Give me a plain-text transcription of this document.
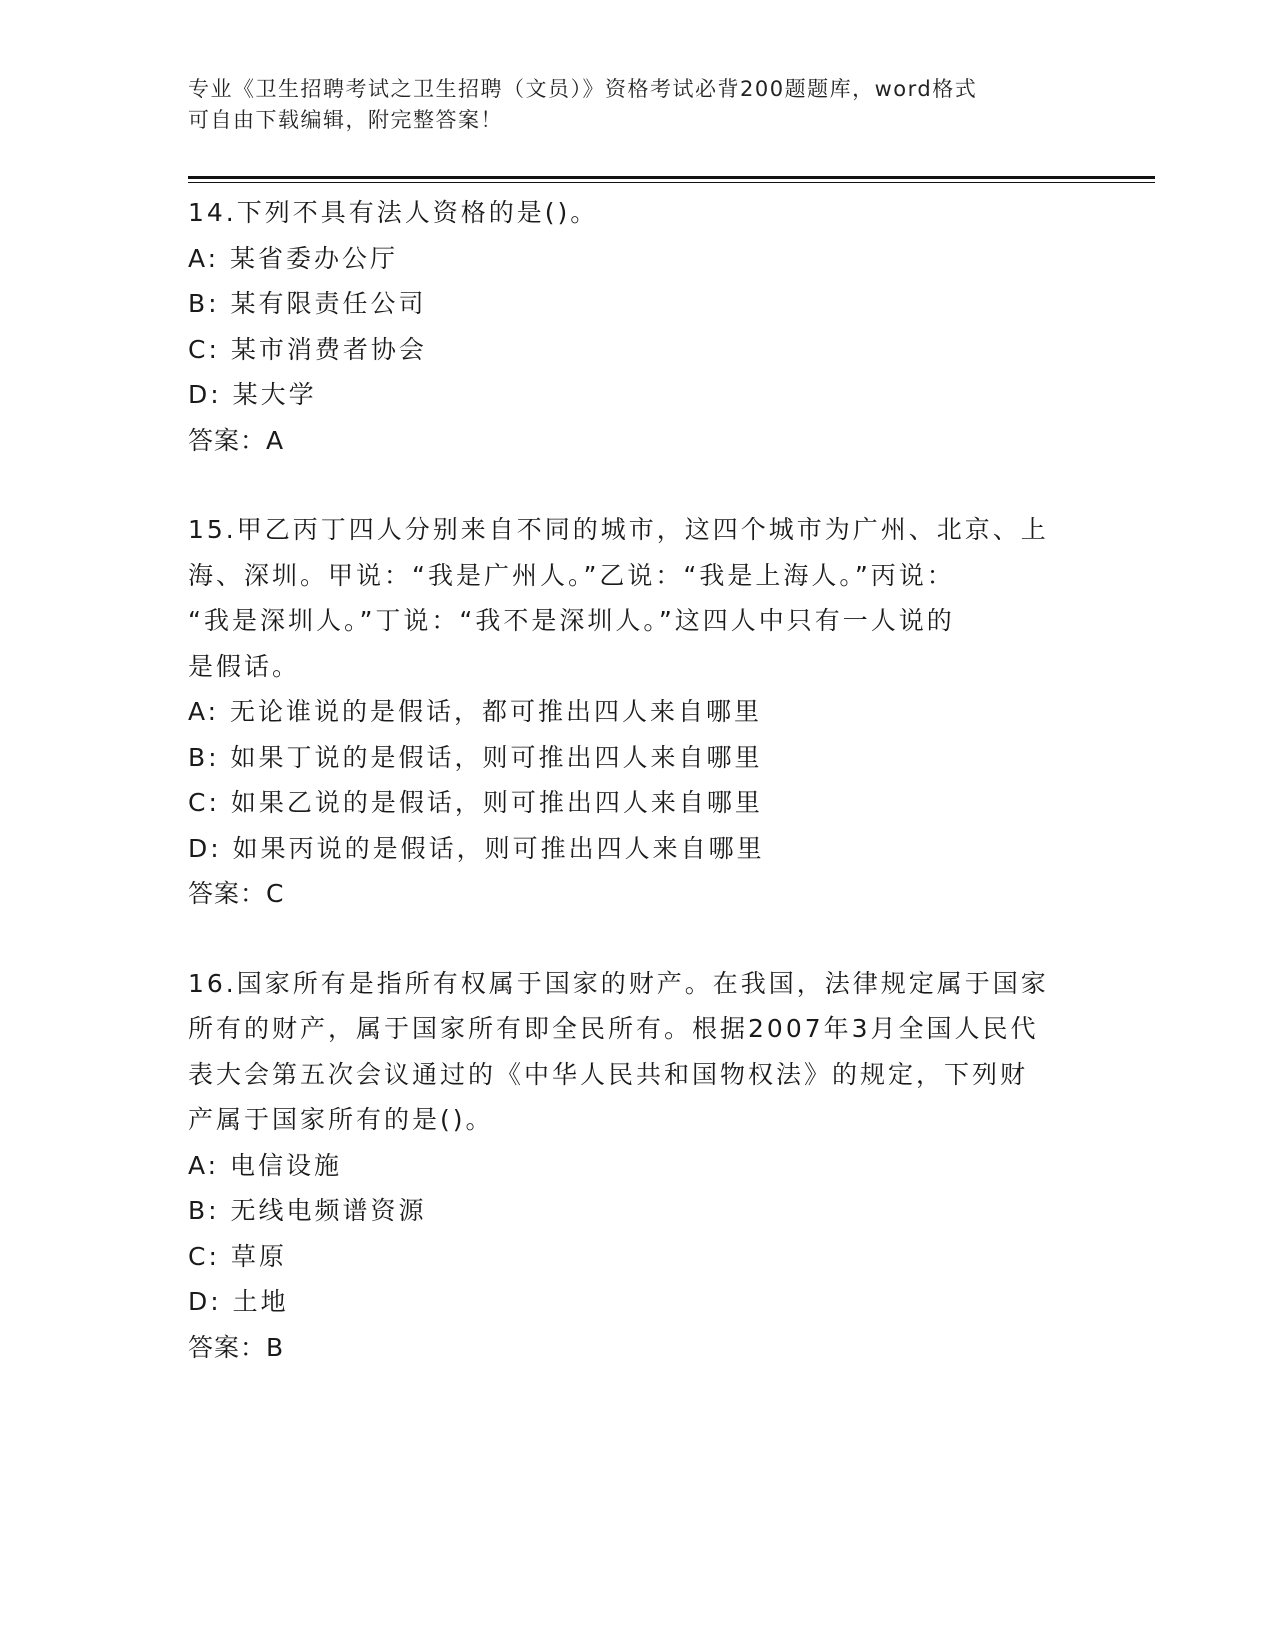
专业《卫生招聘考试之卫生招聘（文员）》资格考试必背200题题库，word格式
可自由下载编辑，附完整答案！
14.下列不具有法人资格的是()。
A: 某省委办公厅
B: 某有限责任公司
C: 某市消费者协会
D: 某大学
答案：A
15.甲乙丙丁四人分别来自不同的城市，这四个城市为广州、北京、上
海、深圳。甲说：“我是广州人。”乙说：“我是上海人。”丙说：
“我是深圳人。”丁说：“我不是深圳人。”这四人中只有一人说的
是假话。
A: 无论谁说的是假话，都可推出四人来自哪里
B: 如果丁说的是假话，则可推出四人来自哪里
C: 如果乙说的是假话，则可推出四人来自哪里
D: 如果丙说的是假话，则可推出四人来自哪里
答案：C
16.国家所有是指所有权属于国家的财产。在我国，法律规定属于国家
所有的财产，属于国家所有即全民所有。根据2007年3月全国人民代
表大会第五次会议通过的《中华人民共和国物权法》的规定，下列财
产属于国家所有的是()。
A: 电信设施
B: 无线电频谱资源
C: 草原
D: 土地
答案：B
